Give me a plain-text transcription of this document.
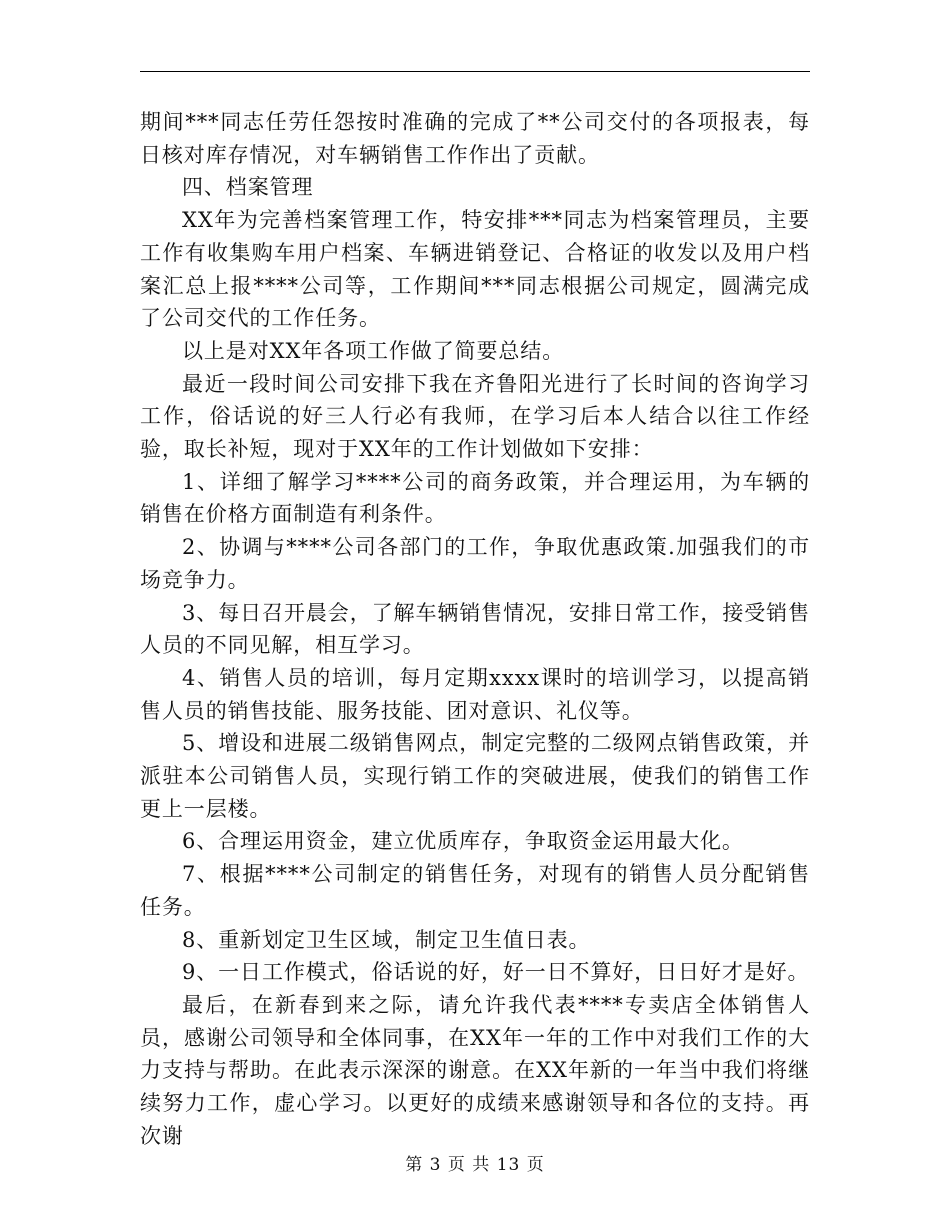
期间***同志任劳任怨按时准确的完成了**公司交付的各项报表，每日核对库存情况，对车辆销售工作作出了贡献。

四、档案管理

XX年为完善档案管理工作，特安排***同志为档案管理员，主要工作有收集购车用户档案、车辆进销登记、合格证的收发以及用户档案汇总上报****公司等，工作期间***同志根据公司规定，圆满完成了公司交代的工作任务。

以上是对XX年各项工作做了简要总结。

最近一段时间公司安排下我在齐鲁阳光进行了长时间的咨询学习工作，俗话说的好三人行必有我师，在学习后本人结合以往工作经验，取长补短，现对于XX年的工作计划做如下安排：

1、详细了解学习****公司的商务政策，并合理运用，为车辆的销售在价格方面制造有利条件。

2、协调与****公司各部门的工作，争取优惠政策.加强我们的市场竞争力。

3、每日召开晨会，了解车辆销售情况，安排日常工作，接受销售人员的不同见解，相互学习。

4、销售人员的培训，每月定期xxxx课时的培训学习，以提高销售人员的销售技能、服务技能、团对意识、礼仪等。

5、增设和进展二级销售网点，制定完整的二级网点销售政策，并派驻本公司销售人员，实现行销工作的突破进展，使我们的销售工作更上一层楼。

6、合理运用资金，建立优质库存，争取资金运用最大化。

7、根据****公司制定的销售任务，对现有的销售人员分配销售任务。

8、重新划定卫生区域，制定卫生值日表。

9、一日工作模式，俗话说的好，好一日不算好，日日好才是好。

最后，在新春到来之际，请允许我代表****专卖店全体销售人员，感谢公司领导和全体同事，在XX年一年的工作中对我们工作的大力支持与帮助。在此表示深深的谢意。在XX年新的一年当中我们将继续努力工作，虚心学习。以更好的成绩来感谢领导和各位的支持。再次谢

第 3 页 共 13 页
